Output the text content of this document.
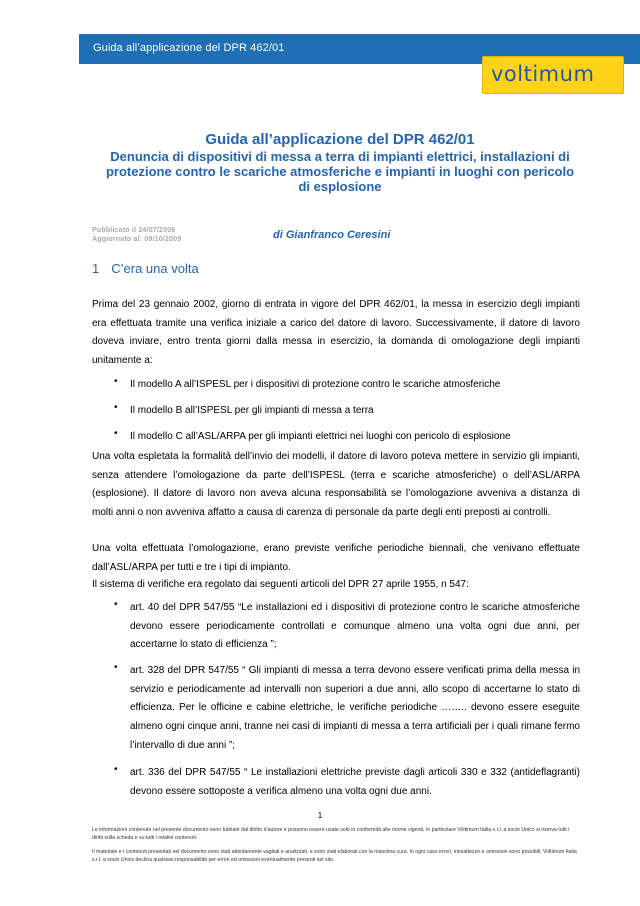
Guida all’applicazione del DPR 462/01
voltimum
Guida all’applicazione del DPR 462/01
Denuncia di dispositivi di messa a terra di impianti elettrici, installazioni di protezione contro le scariche atmosferiche e impianti in luoghi con pericolo di esplosione
Pubblicato il 24/07/2006
Aggiornato al: 09/10/2009	di Gianfranco Ceresini
1 C’era una volta
Prima del 23 gennaio 2002, giorno di entrata in vigore del DPR 462/01, la messa in esercizio degli impianti era effettuata tramite una verifica iniziale a carico del datore di lavoro. Successivamente, il datore di lavoro doveva inviare, entro trenta giorni dalla messa in esercizio, la domanda di omologazione degli impianti unitamente a:
•	Il modello A all’ISPESL per i dispositivi di protezione contro le scariche atmosferiche
•	Il modello B all’ISPESL per gli impianti di messa a terra
•	Il modello C all’ASL/ARPA per gli impianti elettrici nei luoghi con pericolo di esplosione
Una volta espletata la formalità dell’invio dei modelli, il datore di lavoro poteva mettere in servizio gli impianti, senza attendere l’omologazione da parte dell’ISPESL (terra e scariche atmosferiche) o dell’ASL/ARPA (esplosione). Il datore di lavoro non aveva alcuna responsabilità se l’omologazione avveniva a distanza di molti anni o non avveniva affatto a causa di carenza di personale da parte degli enti preposti ai controlli.
Una volta effettuata l’omologazione, erano previste verifiche periodiche biennali, che venivano effettuate dall’ASL/ARPA per tutti e tre i tipi di impianto.
Il sistema di verifiche era regolato dai seguenti articoli del DPR 27 aprile 1955, n 547:
•	art. 40 del DPR 547/55 “Le installazioni ed i dispositivi di protezione contro le scariche atmosferiche devono essere periodicamente controllati e comunque almeno una volta ogni due anni, per accertarne lo stato di efficienza ”;
•	art. 328 del DPR 547/55 “ Gli impianti di messa a terra devono essere verificati prima della messa in servizio e periodicamente ad intervalli non superiori a due anni, allo scopo di accertarne lo stato di efficienza. Per le officine e cabine elettriche, le verifiche periodiche …….. devono essere eseguite almeno ogni cinque anni, tranne nei casi di impianti di messa a terra artificiali per i quali rimane fermo l’intervallo di due anni ”;
•	art. 336 del DPR 547/55 “ Le installazioni elettriche previste dagli articoli 330 e 332 (antideflagranti) devono essere sottoposte a verifica almeno una volta ogni due anni.
1
Le informazioni contenute nel presente documento sono tutelate dal diritto d’autore e possono essere usate solo in conformità alle norme vigenti. In particolare Voltimum Italia s.r.l. a socio Unico si riserva tutti i diritti sulla scheda e su tutti i relativi contenuti.
Il materiale e i contenuti presentati nel documento sono stati attentamente vagliati e analizzati, e sono stati elaborati con la massima cura. In ogni caso errori, inesattezze e omissioni sono possibili. Voltimum Italia s.r.l. a socio Unico declina qualsiasi responsabilità per errori ed omissioni eventualmente presenti nel sito.
